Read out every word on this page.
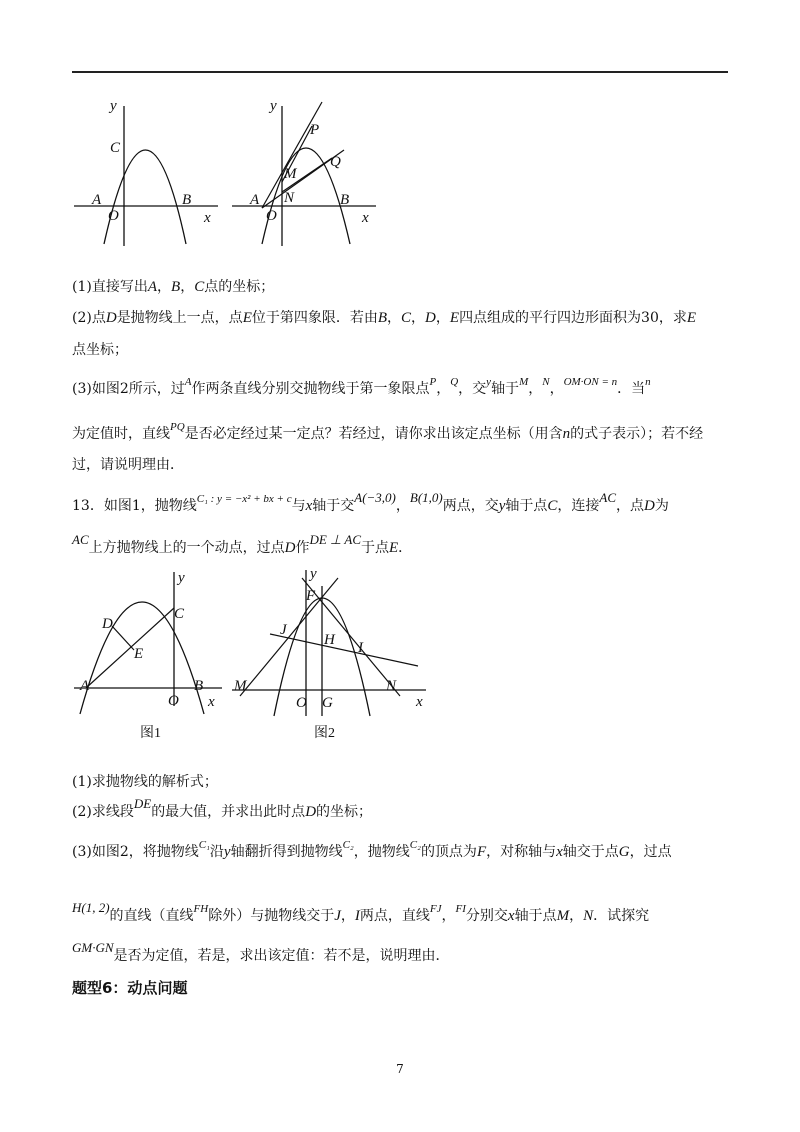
y
C
A
O
B
x
y
P
Q
M
N
A
O
B
x
(1)直接写出A，B，C点的坐标；
(2)点D是抛物线上一点，点E位于第四象限．若由B，C，D，E四点组成的平行四边形面积为30，求E
点坐标；
(3)如图2所示，过$^A$作两条直线分别交抛物线于第一象限点$^P$，$^Q$，交$^y$轴于$^M$，$^N$，$^{OM\cdot ON = n}$．当$^n$
为定值时，直线$^{PQ}$是否必定经过某一定点？若经过，请你求出该定点坐标（用含n的式子表示）；若不经
过，请说明理由．
13．如图1，抛物线$^{C_1 : y = -x^2 + bx + c}$与x轴于交A(−3,0)，B(1,0)两点，交y轴于点C，连接AC，点D为
AC上方抛物线上的一个动点，过点D作DE ⊥ AC于点E．
y
D
C
E
A
O
B
x
图1
y
F
J
H I
M	N
O G	x
图2
(1)求抛物线的解析式；
(2)求线段DE的最大值，并求出此时点D的坐标；
(3)如图2，将抛物线$^{C_1}$沿y轴翻折得到抛物线$^{C_2}$，抛物线$^{C_2}$的顶点为F，对称轴与x轴交于点G，过点
H(1, 2)的直线（直线$^{FH}$除外）与抛物线交于J，I两点，直线$^{FJ}$，$^{FI}$分别交x轴于点M，N．试探究
GM·GN是否为定值，若是，求出该定值：若不是，说明理由．
题型6：动点问题
7
